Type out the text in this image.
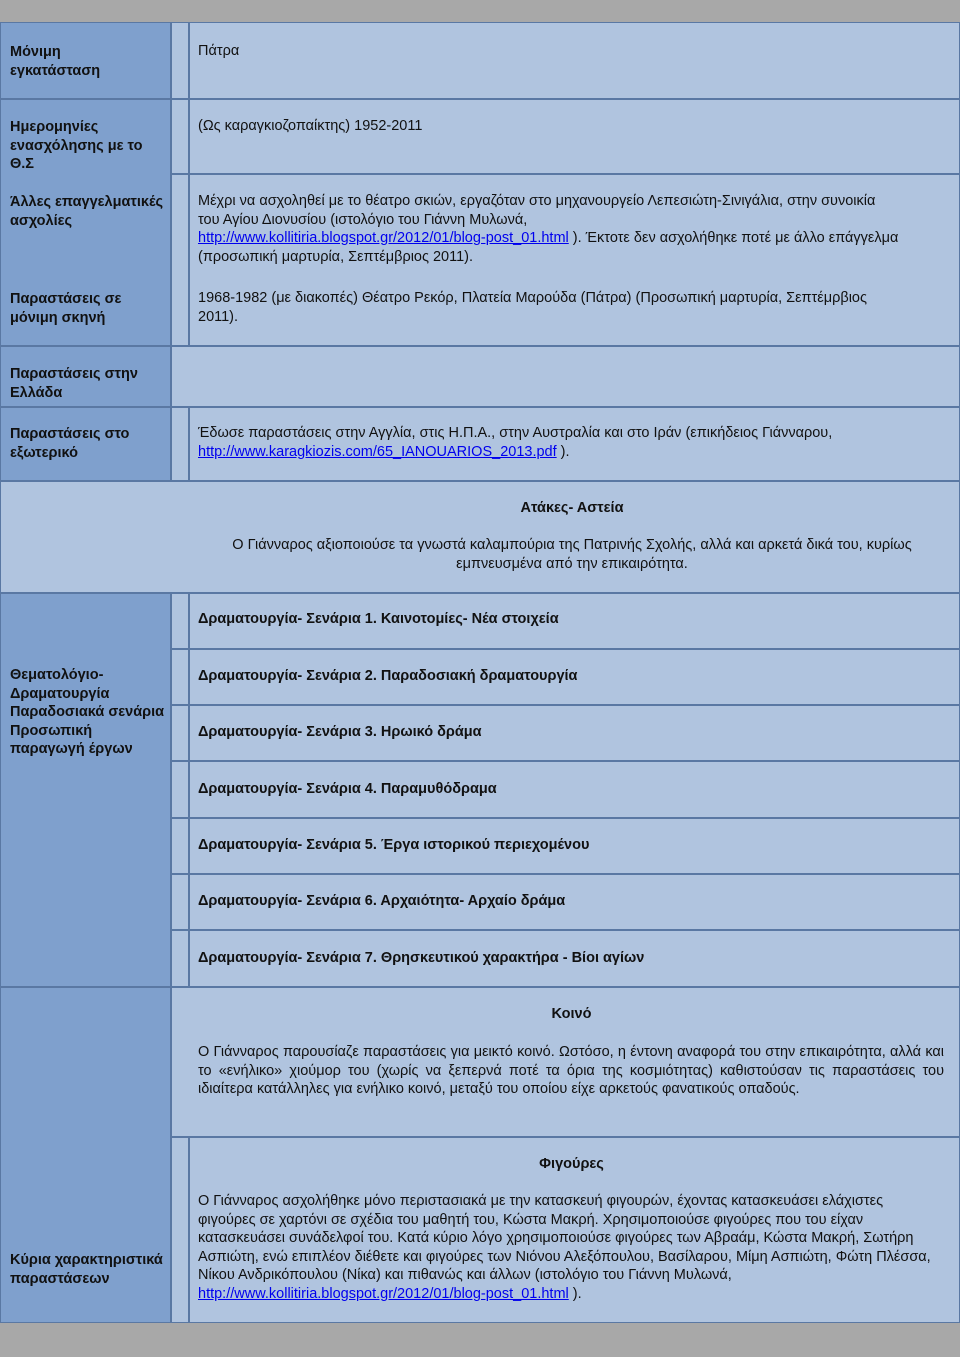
Μόνιμη εγκατάσταση
Πάτρα
Ημερομηνίες ενασχόλησης με το Θ.Σ
Άλλες επαγγελματικές ασχολίες
Παραστάσεις σε μόνιμη σκηνή
(Ως καραγκιοζοπαίκτης) 1952-2011
Μέχρι να ασχοληθεί με το θέατρο σκιών, εργαζόταν στο μηχανουργείο Λεπεσιώτη-Σινιγάλια, στην συνοικία του Αγίου Διονυσίου (ιστολόγιο του Γιάννη Μυλωνά,
http://www.kollitiria.blogspot.gr/2012/01/blog-post_01.html ). Έκτοτε δεν ασχολήθηκε ποτέ με άλλο επάγγελμα (προσωπική μαρτυρία, Σεπτέμβριος 2011).
1968-1982 (με διακοπές) Θέατρο Ρεκόρ, Πλατεία Μαρούδα (Πάτρα) (Προσωπική μαρτυρία, Σεπτέμρβιος 2011).
Παραστάσεις στην Ελλάδα
Παραστάσεις στο εξωτερικό
Έδωσε παραστάσεις στην Αγγλία, στις Η.Π.Α., στην Αυστραλία και στο Ιράν (επικήδειος Γιάνναρου,
http://www.karagkiozis.com/65_IANOUARIOS_2013.pdf ).
Ατάκες- Αστεία
Ο Γιάνναρος αξιοποιούσε τα γνωστά καλαμπούρια της Πατρινής Σχολής, αλλά και αρκετά δικά του, κυρίως εμπνευσμένα από την επικαιρότητα.
Θεματολόγιο- Δραματουργία Παραδοσιακά σενάρια Προσωπική παραγωγή έργων
Δραματουργία- Σενάρια 1. Καινοτομίες- Νέα στοιχεία
Δραματουργία- Σενάρια 2. Παραδοσιακή δραματουργία
Δραματουργία- Σενάρια 3. Ηρωικό δράμα
Δραματουργία- Σενάρια 4. Παραμυθόδραμα
Δραματουργία- Σενάρια 5. Έργα ιστορικού περιεχομένου
Δραματουργία- Σενάρια 6. Αρχαιότητα- Αρχαίο δράμα
Δραματουργία- Σενάρια 7. Θρησκευτικού χαρακτήρα - Βίοι αγίων
Κύρια χαρακτηριστικά παραστάσεων
Κοινό
Ο Γιάνναρος παρουσίαζε παραστάσεις για μεικτό κοινό. Ωστόσο, η έντονη αναφορά του στην επικαιρότητα, αλλά και το «ενήλικο» χιούμορ του (χωρίς να ξεπερνά ποτέ τα όρια της κοσμιότητας) καθιστούσαν τις παραστάσεις του ιδιαίτερα κατάλληλες για ενήλικο κοινό, μεταξύ του οποίου είχε αρκετούς φανατικούς οπαδούς.
Φιγούρες
Ο Γιάνναρος ασχολήθηκε μόνο περιστασιακά με την κατασκευή φιγουρών, έχοντας κατασκευάσει ελάχιστες φιγούρες σε χαρτόνι σε σχέδια του μαθητή του, Κώστα Μακρή. Χρησιμοποιούσε φιγούρες που του είχαν κατασκευάσει συνάδελφοί του. Κατά κύριο λόγο χρησιμοποιούσε φιγούρες των Αβραάμ, Κώστα Μακρή, Σωτήρη Ασπιώτη, ενώ επιπλέον διέθετε και φιγούρες των Νιόνου Αλεξόπουλου, Βασίλαρου, Μίμη Ασπιώτη, Φώτη Πλέσσα, Νίκου Ανδρικόπουλου (Νίκα) και πιθανώς και άλλων (ιστολόγιο του Γιάννη Μυλωνά, http://www.kollitiria.blogspot.gr/2012/01/blog-post_01.html ).
